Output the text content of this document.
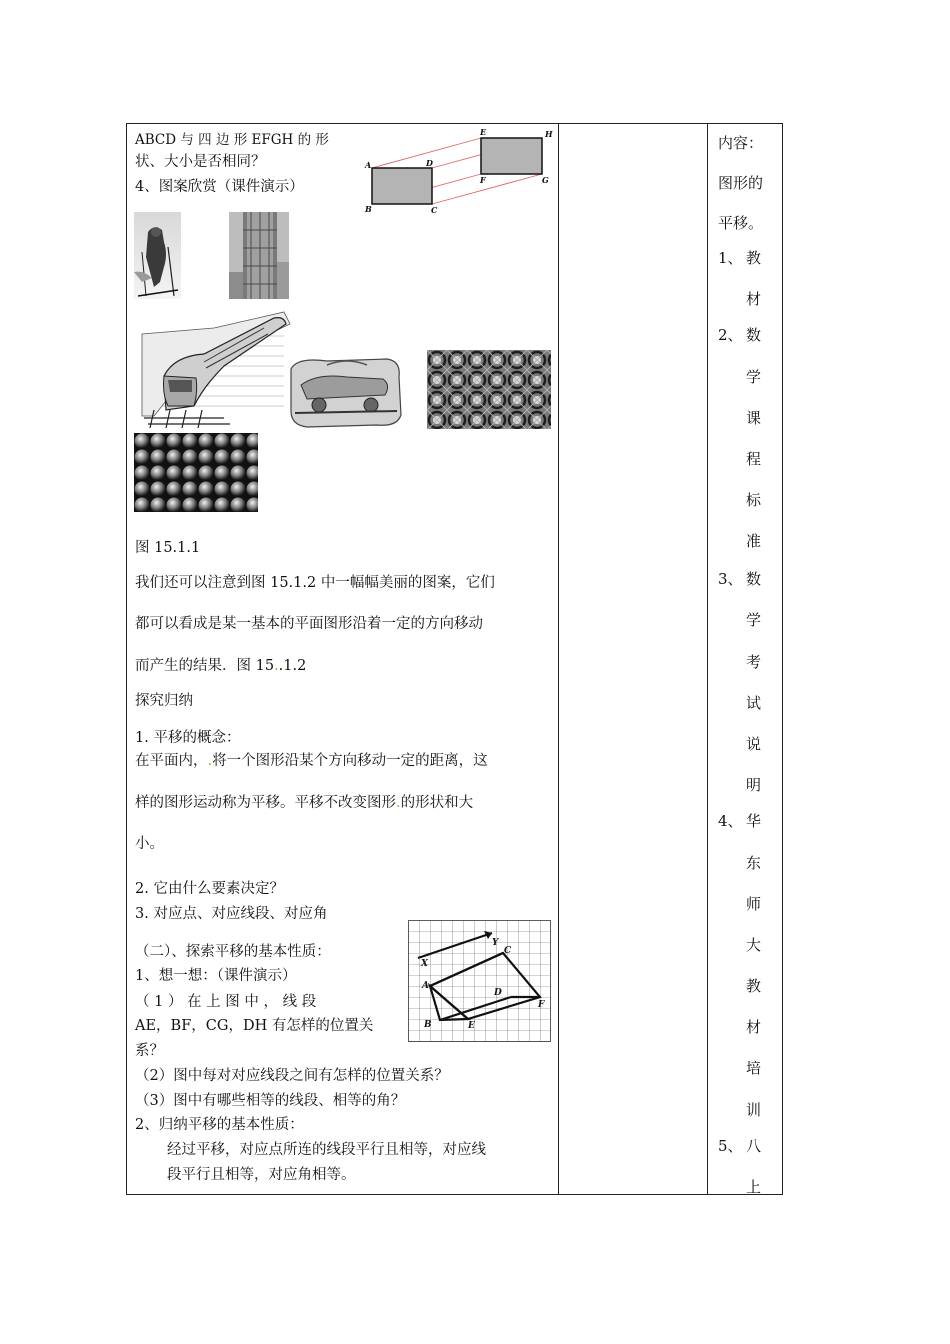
ABCD 与 四 边 形 EFGH 的 形
状、大小是否相同？
4、图案欣赏（课件演示）
A
B	C
D
E
F	G
H
图 15.1.1
我们还可以注意到图 15.1.2 中一幅幅美丽的图案，它们
都可以看成是某一基本的平面图形沿着一定的方向移动
而产生的结果．图 15..1.2
探究归纳
1. 平移的概念：
在平面内，.将一个图形沿某个方向移动一定的距离，这
样的图形运动称为平移。平移不改变图形.的形状和大
小。
2. 它由什么要素决定？
3. 对应点、对应线段、对应角
X
Y
A
B
C
D
E
F
（二）、探索平移的基本性质：
1、想一想：（课件演示）
（ 1 ） 在 上 图 中 ， 线 段
AE，BF，CG，DH 有怎样的位置关
系？
（2）图中每对对应线段之间有怎样的位置关系？
（3）图中有哪些相等的线段、相等的角？
2、归纳平移的基本性质：
经过平移，对应点所连的线段平行且相等，对应线
段平行且相等，对应角相等。
内容：
图形的
平移。
1、 教
材
2、 数
学
课
程
标
准
3、 数
学
考
试
说
明
4、 华
东
师
大
教
材
培
训
5、 八
上
